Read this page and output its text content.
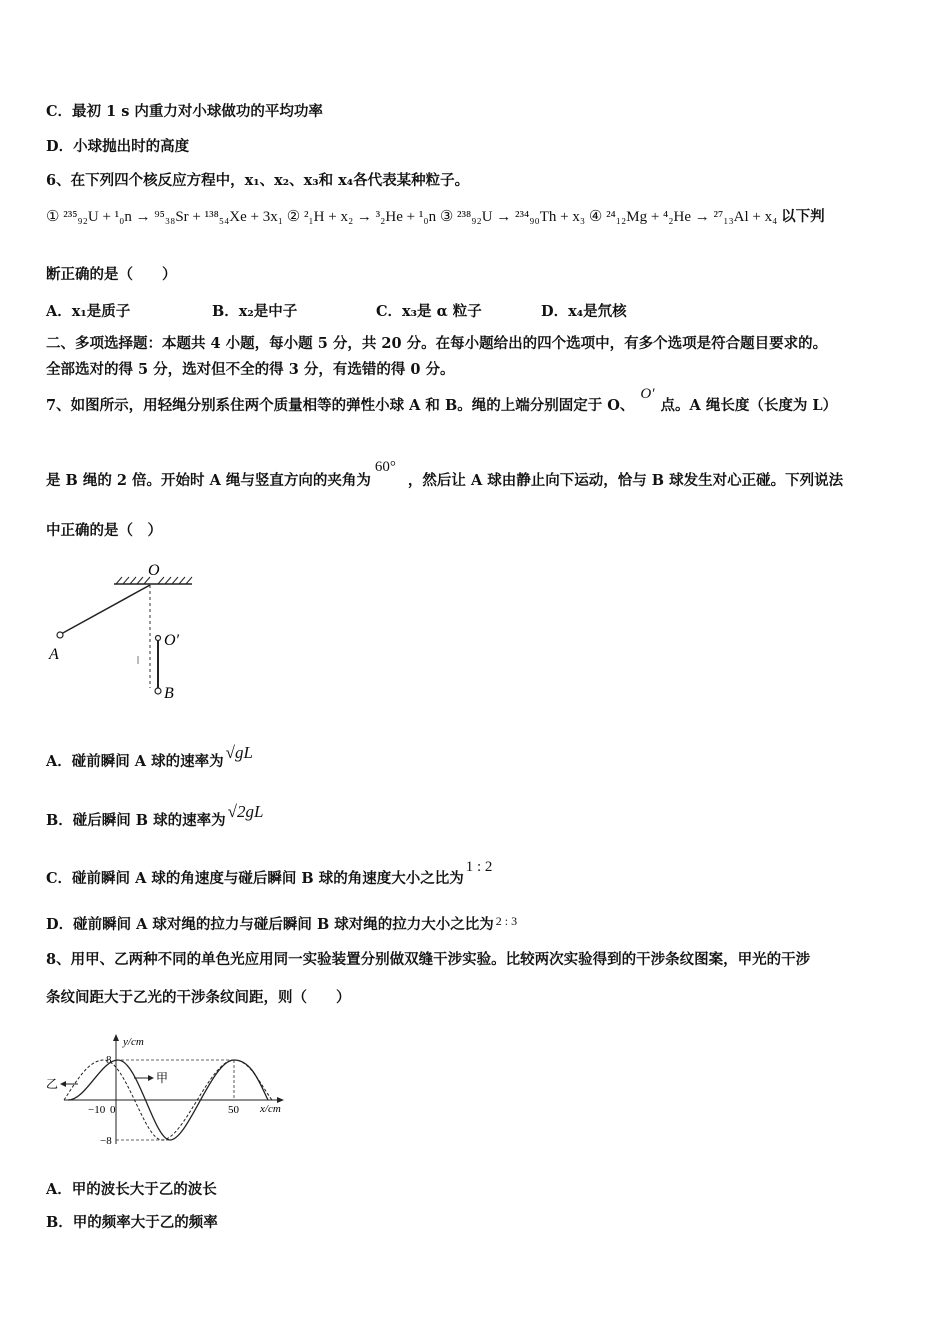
C．最初 1 s 内重力对小球做功的平均功率
D．小球抛出时的高度
6、在下列四个核反应方程中，x₁、x₂、x₃和 x₄各代表某种粒子。
① ²³⁵₉₂U + ¹₀n → ⁹⁵₃₈Sr + ¹³⁸₅₄Xe + 3x₁ ② ²₁H + x₂ → ³₂He + ¹₀n ③ ²³⁸₉₂U → ²³⁴₉₀Th + x₃ ④ ²⁴₁₂Mg + ⁴₂He → ²⁷₁₃Al + x₄ 以下判
断正确的是（　　）
A．x₁是质子	B．x₂是中子	C．x₃是 α 粒子	D．x₄是氘核
二、多项选择题：本题共 4 小题，每小题 5 分，共 20 分。在每小题给出的四个选项中，有多个选项是符合题目要求的。
全部选对的得 5 分，选对但不全的得 3 分，有选错的得 0 分。
7、如图所示，用轻绳分别系住两个质量相等的弹性小球 A 和 B。绳的上端分别固定于 O、O′点。A 绳长度（长度为 L）
是 B 绳的 2 倍。开始时 A 绳与竖直方向的夹角为60°，然后让 A 球由静止向下运动，恰与 B 球发生对心正碰。下列说法
中正确的是（　）
O
A
O′
B
A．碰前瞬间 A 球的速率为 √gL
B．碰后瞬间 B 球的速率为 √2gL
C．碰前瞬间 A 球的角速度与碰后瞬间 B 球的角速度大小之比为1 : 2
D．碰前瞬间 A 球对绳的拉力与碰后瞬间 B 球对绳的拉力大小之比为 $^{2 : 3}$
8、用甲、乙两种不同的单色光应用同一实验装置分别做双缝干涉实验。比较两次实验得到的干涉条纹图案，甲光的干涉
条纹间距大于乙光的干涉条纹间距，则（　　）
y/cm
x/cm
8
−8
−10 0	50
甲
乙
A．甲的波长大于乙的波长
B．甲的频率大于乙的频率
